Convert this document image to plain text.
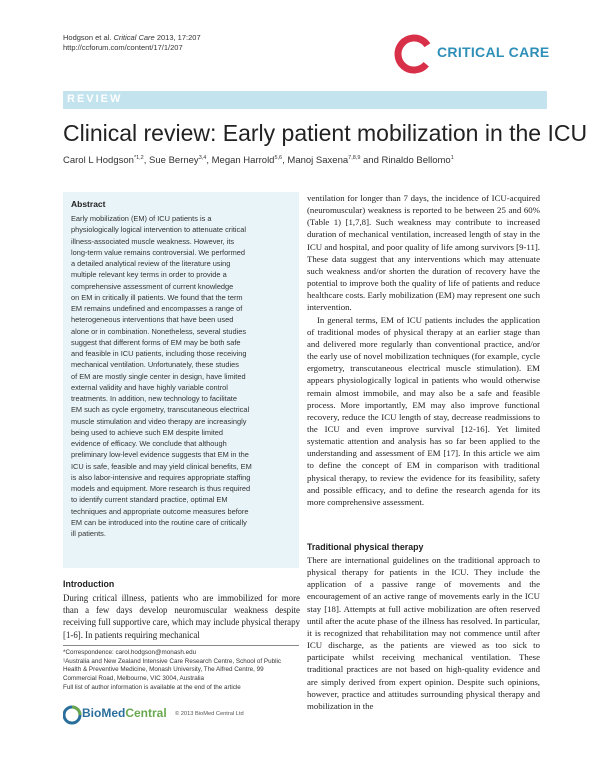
Hodgson et al. Critical Care 2013, 17:207
http://ccforum.com/content/17/1/207	CRITICAL CARE
REVIEW
Clinical review: Early patient mobilization in the ICU
Carol L Hodgson$^{*1,2}$, Sue Berney$^{3,4}$, Megan Harrold$^{5,6}$, Manoj Saxena$^{7,8,9}$ and Rinaldo Bellomo$^1$
Abstract
Early mobilization (EM) of ICU patients is a
physiologically logical intervention to attenuate critical
illness-associated muscle weakness. However, its
long-term value remains controversial. We performed
a detailed analytical review of the literature using
multiple relevant key terms in order to provide a
comprehensive assessment of current knowledge
on EM in critically ill patients. We found that the term
EM remains undefined and encompasses a range of
heterogeneous interventions that have been used
alone or in combination. Nonetheless, several studies
suggest that different forms of EM may be both safe
and feasible in ICU patients, including those receiving
mechanical ventilation. Unfortunately, these studies
of EM are mostly single center in design, have limited
external validity and have highly variable control
treatments. In addition, new technology to facilitate
EM such as cycle ergometry, transcutaneous electrical
muscle stimulation and video therapy are increasingly
being used to achieve such EM despite limited
evidence of efficacy. We conclude that although
preliminary low-level evidence suggests that EM in the
ICU is safe, feasible and may yield clinical benefits, EM
is also labor-intensive and requires appropriate staffing
models and equipment. More research is thus required
to identify current standard practice, optimal EM
techniques and appropriate outcome measures before
EM can be introduced into the routine care of critically
ill patients.
Introduction
During critical illness, patients who are immobilized for more than a few days develop neuromuscular weakness despite receiving full supportive care, which may include physical therapy [1-6]. In patients requiring mechanical
*Correspondence: carol.hodgson@monash.edu
¹Australia and New Zealand Intensive Care Research Centre, School of Public
Health & Preventive Medicine, Monash University, The Alfred Centre, 99
Commercial Road, Melbourne, VIC 3004, Australia
Full list of author information is available at the end of the article
BioMedCentral © 2013 BioMed Central Ltd

ventilation for longer than 7 days, the incidence of ICU-acquired (neuromuscular) weakness is reported to be between 25 and 60% (Table 1) [1,7,8]. Such weakness may contribute to increased duration of mechanical ventilation, increased length of stay in the ICU and hospital, and poor quality of life among survivors [9-11]. These data suggest that any interventions which may attenuate such weakness and/or shorten the duration of recovery have the potential to improve both the quality of life of patients and reduce healthcare costs. Early mobilization (EM) may represent one such intervention.

In general terms, EM of ICU patients includes the application of traditional modes of physical therapy at an earlier stage than and delivered more regularly than conventional practice, and/or the early use of novel mobilization techniques (for example, cycle ergometry, transcutaneous electrical muscle stimulation). EM appears physiologically logical in patients who would otherwise remain almost immobile, and may also be a safe and feasible process. More importantly, EM may also improve functional recovery, reduce the ICU length of stay, decrease readmissions to the ICU and even improve survival [12-16]. Yet limited systematic attention and analysis has so far been applied to the understanding and assessment of EM [17]. In this article we aim to define the concept of EM in comparison with traditional physical therapy, to review the evidence for its feasibility, safety and possible efficacy, and to define the research agenda for its more comprehensive assessment.

Traditional physical therapy
There are international guidelines on the traditional approach to physical therapy for patients in the ICU. They include the application of a passive range of movements and the encouragement of an active range of movements early in the ICU stay [18]. Attempts at full active mobilization are often reserved until after the acute phase of the illness has resolved. In particular, it is recognized that rehabilitation may not commence until after ICU discharge, as the patients are viewed as too sick to participate whilst receiving mechanical ventilation. These traditional practices are not based on high-quality evidence and are simply derived from expert opinion. Despite such opinions, however, practice and attitudes surrounding physical therapy and mobilization in the
